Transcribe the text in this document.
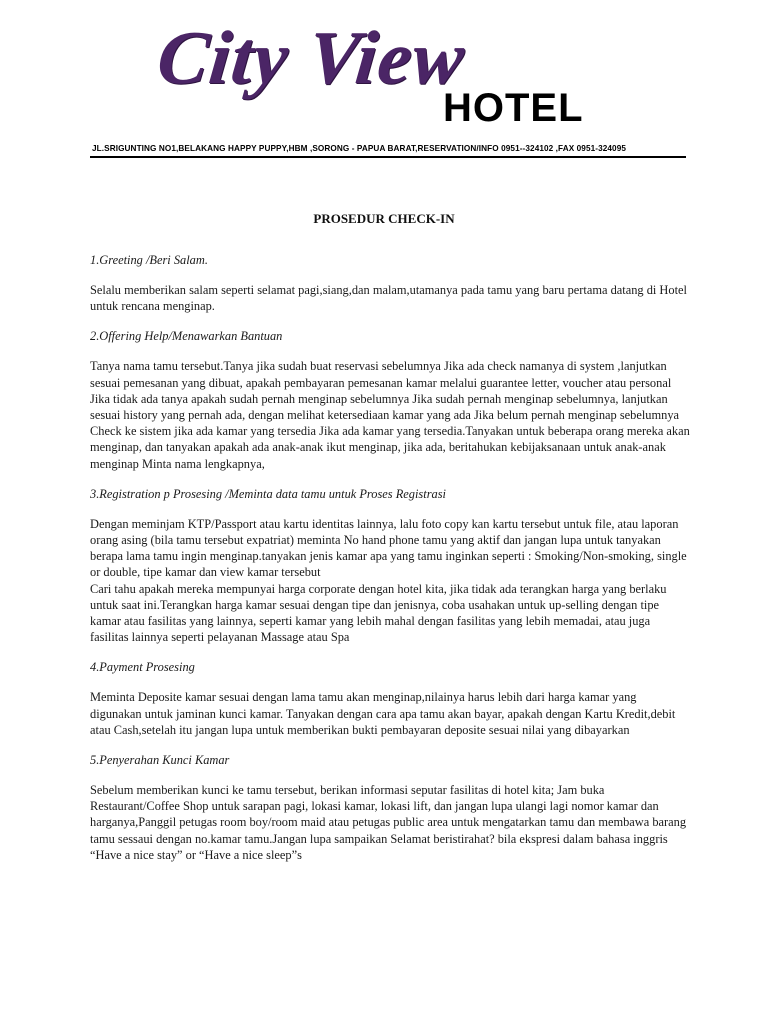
City View
HOTEL
JL.SRIGUNTING NO1,BELAKANG HAPPY PUPPY,HBM ,SORONG - PAPUA BARAT,RESERVATION/INFO 0951--324102 ,FAX 0951-324095
PROSEDUR CHECK-IN
1.Greeting /Beri Salam.

Selalu memberikan salam seperti selamat pagi,siang,dan malam,utamanya pada tamu yang baru pertama datang di Hotel untuk rencana menginap.

2.Offering Help/Menawarkan Bantuan

Tanya nama tamu tersebut.Tanya jika sudah buat reservasi sebelumnya Jika ada check namanya di system ,lanjutkan sesuai pemesanan yang dibuat, apakah pembayaran pemesanan kamar melalui guarantee letter, voucher atau personal Jika tidak ada tanya apakah sudah pernah menginap sebelumnya Jika sudah pernah menginap sebelumnya, lanjutkan sesuai history yang pernah ada, dengan melihat ketersediaan kamar yang ada Jika belum pernah menginap sebelumnya Check ke sistem jika ada kamar yang tersedia Jika ada kamar yang tersedia.Tanyakan untuk beberapa orang mereka akan menginap, dan tanyakan apakah ada anak-anak ikut menginap, jika ada, beritahukan kebijaksanaan untuk anak-anak menginap Minta nama lengkapnya,

3.Registration p Prosesing /Meminta data tamu untuk Proses Registrasi

Dengan meminjam KTP/Passport atau kartu identitas lainnya, lalu foto copy kan kartu tersebut untuk file, atau laporan orang asing (bila tamu tersebut expatriat) meminta No hand phone tamu yang aktif dan jangan lupa untuk tanyakan berapa lama tamu ingin menginap.tanyakan jenis kamar apa yang tamu inginkan seperti : Smoking/Non-smoking, single or double, tipe kamar dan view kamar tersebut

Cari tahu apakah mereka mempunyai harga corporate dengan hotel kita, jika tidak ada terangkan harga yang berlaku untuk saat ini.Terangkan harga kamar sesuai dengan tipe dan jenisnya, coba usahakan untuk up-selling dengan tipe kamar atau fasilitas yang lainnya, seperti kamar yang lebih mahal dengan fasilitas yang lebih memadai, atau juga fasilitas lainnya seperti pelayanan Massage atau Spa

4.Payment Prosesing

Meminta Deposite kamar sesuai dengan lama tamu akan menginap,nilainya harus lebih dari harga kamar yang digunakan untuk jaminan kunci kamar. Tanyakan dengan cara apa tamu akan bayar, apakah dengan Kartu Kredit,debit atau Cash,setelah itu jangan lupa untuk memberikan bukti pembayaran deposite sesuai nilai yang dibayarkan

5.Penyerahan Kunci Kamar

Sebelum memberikan kunci ke tamu tersebut, berikan informasi seputar fasilitas di hotel kita; Jam buka Restaurant/Coffee Shop untuk sarapan pagi, lokasi kamar, lokasi lift, dan jangan lupa ulangi lagi nomor kamar dan harganya,Panggil petugas room boy/room maid atau petugas public area untuk mengatarkan tamu dan membawa barang tamu sessaui dengan no.kamar tamu.Jangan lupa sampaikan Selamat beristirahat? bila ekspresi dalam bahasa inggris “Have a nice stay” or “Have a nice sleep”s
